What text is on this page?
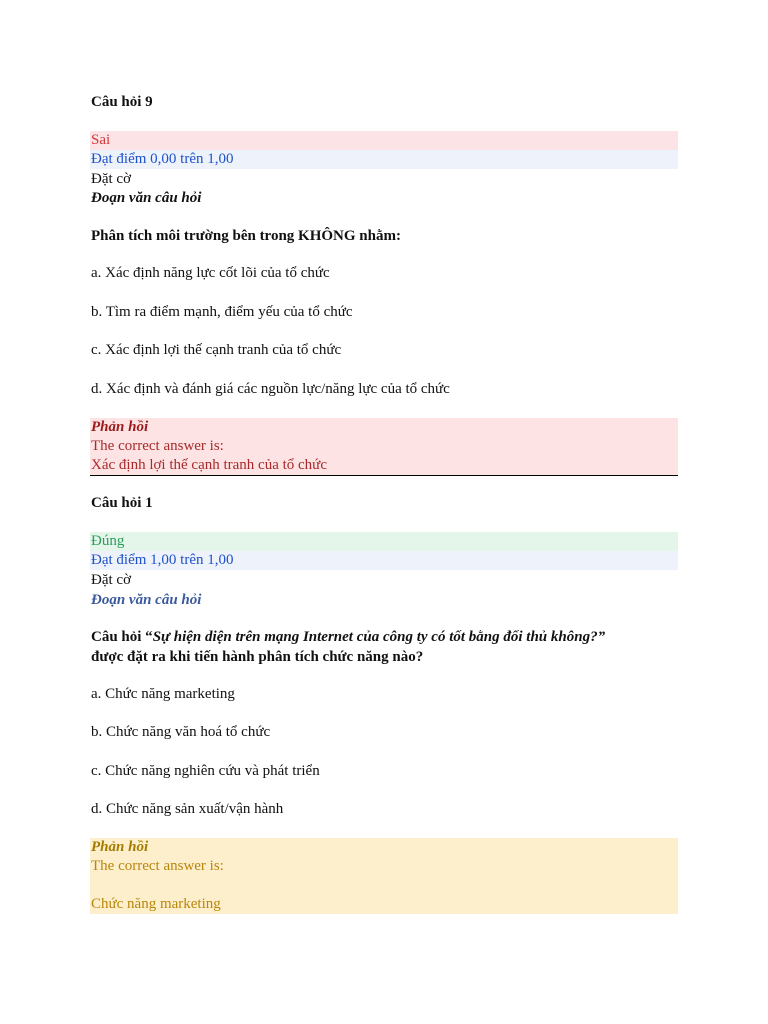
Câu hỏi 9
Sai
Đạt điểm 0,00 trên 1,00
Đặt cờ
Đoạn văn câu hỏi
Phân tích môi trường bên trong KHÔNG nhằm:
a. Xác định năng lực cốt lõi của tổ chức
b. Tìm ra điểm mạnh, điểm yếu của tổ chức
c. Xác định lợi thế cạnh tranh của tổ chức
d. Xác định và đánh giá các nguồn lực/năng lực của tổ chức
Phản hồi
The correct answer is:
Xác định lợi thế cạnh tranh của tổ chức
Câu hỏi 1
Đúng
Đạt điểm 1,00 trên 1,00
Đặt cờ
Đoạn văn câu hỏi
Câu hỏi “Sự hiện diện trên mạng Internet của công ty có tốt bằng đối thủ không?”
được đặt ra khi tiến hành phân tích chức năng nào?
a. Chức năng marketing
b. Chức năng văn hoá tổ chức
c. Chức năng nghiên cứu và phát triển
d. Chức năng sản xuất/vận hành
Phản hồi
The correct answer is:
Chức năng marketing
